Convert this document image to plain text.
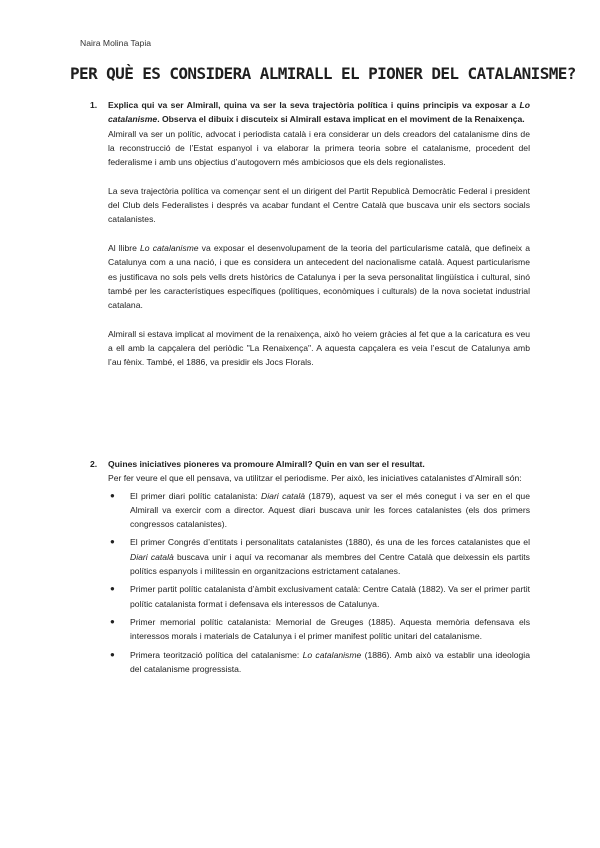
Naira Molina Tapia
PER QUÈ ES CONSIDERA ALMIRALL EL PIONER DEL CATALANISME?
1. Explica qui va ser Almirall, quina va ser la seva trajectòria política i quins principis va exposar a Lo catalanisme. Observa el dibuix i discuteix si Almirall estava implicat en el moviment de la Renaixença.

Almirall va ser un polític, advocat i periodista català i era considerar un dels creadors del catalanisme dins de la reconstrucció de l’Estat espanyol i va elaborar la primera teoria sobre el catalanisme, procedent del federalisme i amb uns objectius d’autogovern més ambiciosos que els dels regionalistes.

La seva trajectòria política va començar sent el un dirigent del Partit Republicà Democràtic Federal i president del Club dels Federalistes i després va acabar fundant el Centre Català que buscava unir els sectors socials catalanistes.

Al llibre Lo catalanisme va exposar el desenvolupament de la teoria del particularisme català, que defineix a Catalunya com a una nació, i que es considera un antecedent del nacionalisme català. Aquest particularisme es justificava no sols pels vells drets històrics de Catalunya i per la seva personalitat lingüística i cultural, sinó també per les característiques específiques (polítiques, econòmiques i culturals) de la nova societat industrial catalana.

Almirall si estava implicat al moviment de la renaixença, això ho veiem gràcies al fet que a la caricatura es veu a ell amb la capçalera del periòdic "La Renaixença". A aquesta capçalera es veia l’escut de Catalunya amb l’au fènix. També, el 1886, va presidir els Jocs Florals.

2. Quines iniciatives pioneres va promoure Almirall? Quin en van ser el resultat.

Per fer veure el que ell pensava, va utilitzar el periodisme. Per això, les iniciatives catalanistes d’Almirall són:

● El primer diari polític catalanista: Diari català (1879), aquest va ser el més conegut i va ser en el que Almirall va exercir com a director. Aquest diari buscava unir les forces catalanistes (els dos primers congressos catalanistes).
● El primer Congrés d’entitats i personalitats catalanistes (1880), és una de les forces catalanistes que el Diari català buscava unir i aquí va recomanar als membres del Centre Català que deixessin els partits polítics espanyols i militessin en organitzacions estrictament catalanes.
● Primer partit polític catalanista d’àmbit exclusivament català: Centre Català (1882). Va ser el primer partit polític catalanista format i defensava els interessos de Catalunya.
● Primer memorial polític catalanista: Memorial de Greuges (1885). Aquesta memòria defensava els interessos morals i materials de Catalunya i el primer manifest polític unitari del catalanisme.
● Primera teorització política del catalanisme: Lo catalanisme (1886). Amb això va establir una ideologia del catalanisme progressista.
